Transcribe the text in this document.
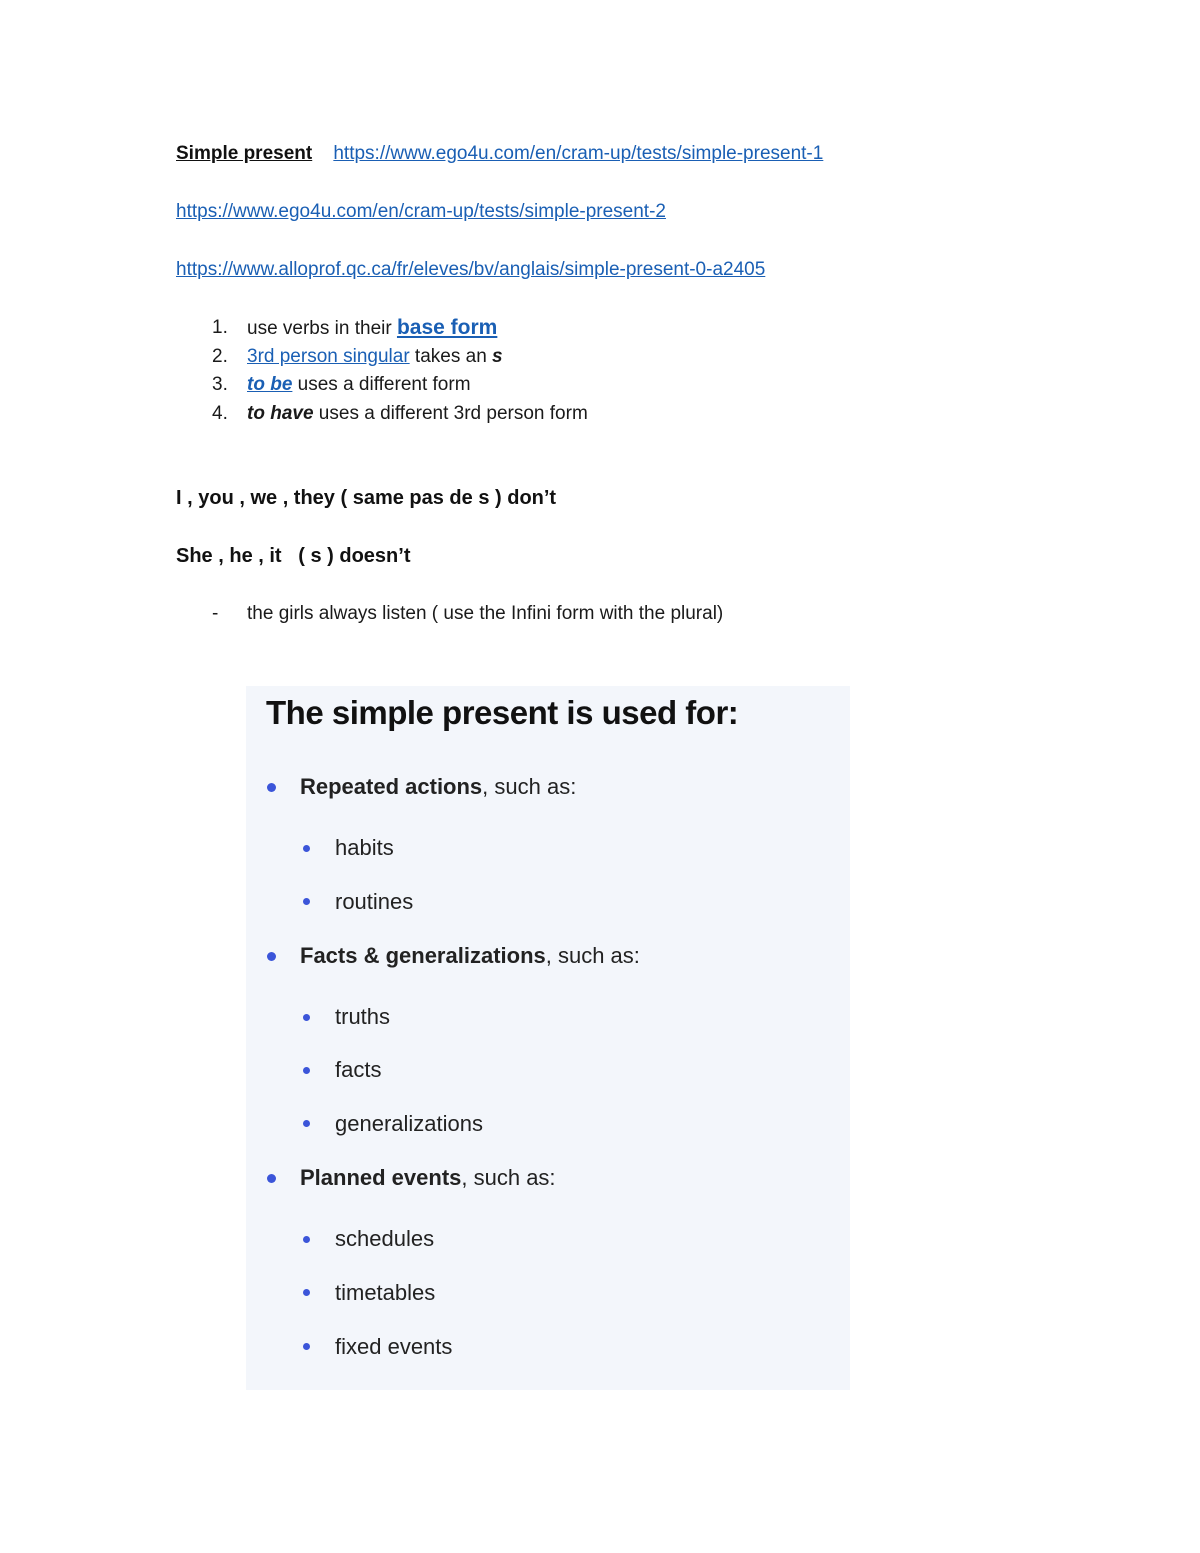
Simple present https://www.ego4u.com/en/cram-up/tests/simple-present-1
https://www.ego4u.com/en/cram-up/tests/simple-present-2
https://www.alloprof.qc.ca/fr/eleves/bv/anglais/simple-present-0-a2405
1. use verbs in their base form
2. 3rd person singular takes an s
3. to be uses a different form
4. to have uses a different 3rd person form
I , you , we , they ( same pas de s ) don’t
She , he , it   ( s ) doesn’t
- the girls always listen ( use the Infini form with the plural)
The simple present is used for:
Repeated actions, such as:
habits
routines
Facts & generalizations, such as:
truths
facts
generalizations
Planned events, such as:
schedules
timetables
fixed events
